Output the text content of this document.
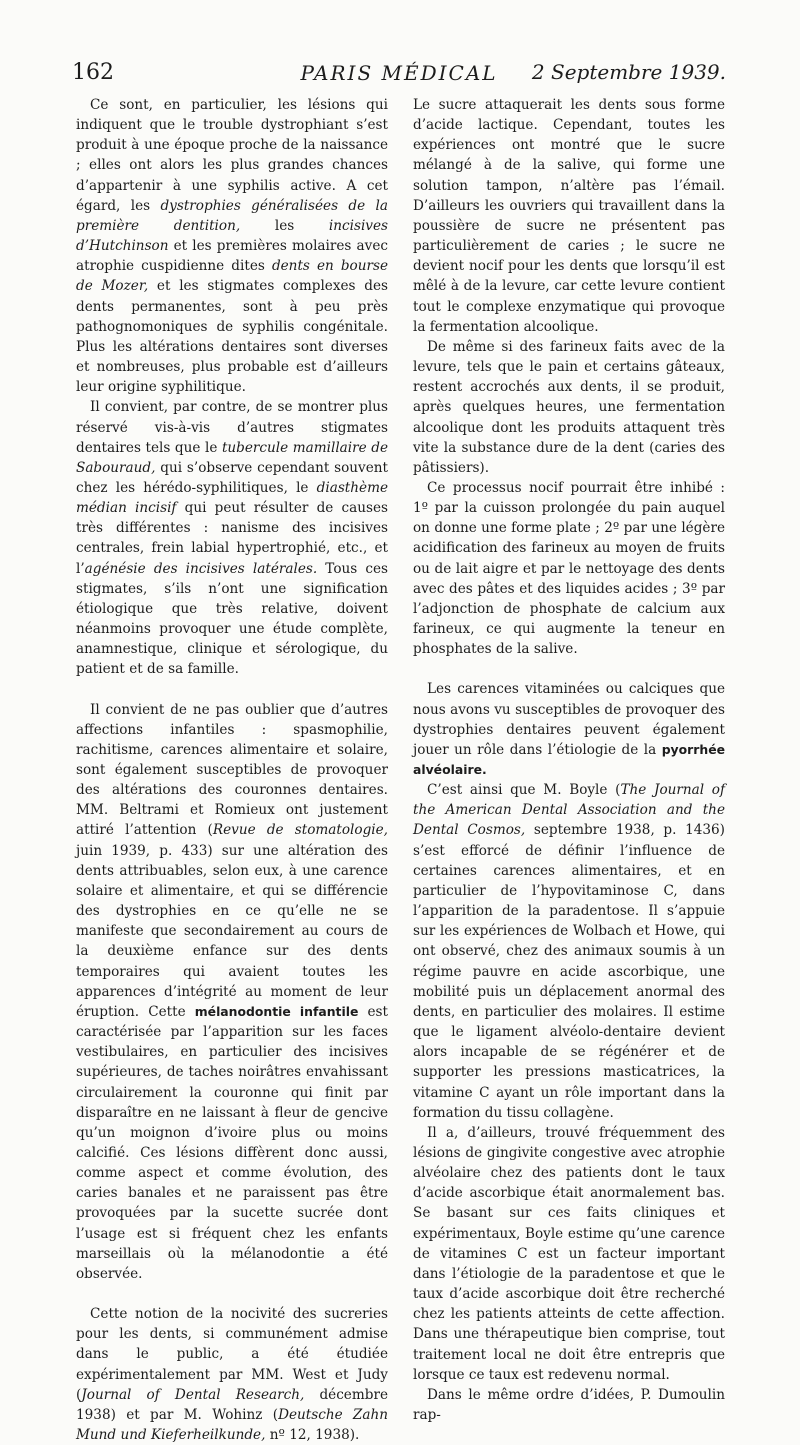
162	PARIS MÉDICAL	2 Septembre 1939.

Ce sont, en particulier, les lésions qui indiquent que le trouble dystrophiant s’est produit à une époque proche de la naissance ; elles ont alors les plus grandes chances d’appartenir à une syphilis active. A cet égard, les dystrophies généralisées de la première dentition, les incisives d’Hutchinson et les premières molaires avec atrophie cuspidienne dites dents en bourse de Mozer, et les stigmates complexes des dents permanentes, sont à peu près pathognomoniques de syphilis congénitale. Plus les altérations dentaires sont diverses et nombreuses, plus probable est d’ailleurs leur origine syphilitique.

Il convient, par contre, de se montrer plus réservé vis-à-vis d’autres stigmates dentaires tels que le tubercule mamillaire de Sabouraud, qui s’observe cependant souvent chez les hérédo-syphilitiques, le diasthème médian incisif qui peut résulter de causes très différentes : nanisme des incisives centrales, frein labial hypertrophié, etc., et l’agénésie des incisives latérales. Tous ces stigmates, s’ils n’ont une signification étiologique que très relative, doivent néanmoins provoquer une étude complète, anamnestique, clinique et sérologique, du patient et de sa famille.

Il convient de ne pas oublier que d’autres affections infantiles : spasmophilie, rachitisme, carences alimentaire et solaire, sont également susceptibles de provoquer des altérations des couronnes dentaires. MM. Beltrami et Romieux ont justement attiré l’attention (Revue de stomatologie, juin 1939, p. 433) sur une altération des dents attribuables, selon eux, à une carence solaire et alimentaire, et qui se différencie des dystrophies en ce qu’elle ne se manifeste que secondairement au cours de la deuxième enfance sur des dents temporaires qui avaient toutes les apparences d’intégrité au moment de leur éruption. Cette mélanodontie infantile est caractérisée par l’apparition sur les faces vestibulaires, en particulier des incisives supérieures, de taches noirâtres envahissant circulairement la couronne qui finit par disparaître en ne laissant à fleur de gencive qu’un moignon d’ivoire plus ou moins calcifié. Ces lésions diffèrent donc aussi, comme aspect et comme évolution, des caries banales et ne paraissent pas être provoquées par la sucette sucrée dont l’usage est si fréquent chez les enfants marseillais où la mélanodontie a été observée.

Cette notion de la nocivité des sucreries pour les dents, si communément admise dans le public, a été étudiée expérimentalement par MM. West et Judy (Journal of Dental Research, décembre 1938) et par M. Wohinz (Deutsche Zahn Mund und Kieferheilkunde, nº 12, 1938).

Le sucre attaquerait les dents sous forme d’acide lactique. Cependant, toutes les expériences ont montré que le sucre mélangé à de la salive, qui forme une solution tampon, n’altère pas l’émail. D’ailleurs les ouvriers qui travaillent dans la poussière de sucre ne présentent pas particulièrement de caries ; le sucre ne devient nocif pour les dents que lorsqu’il est mêlé à de la levure, car cette levure contient tout le complexe enzymatique qui provoque la fermentation alcoolique.

De même si des farineux faits avec de la levure, tels que le pain et certains gâteaux, restent accrochés aux dents, il se produit, après quelques heures, une fermentation alcoolique dont les produits attaquent très vite la substance dure de la dent (caries des pâtissiers).

Ce processus nocif pourrait être inhibé : 1º par la cuisson prolongée du pain auquel on donne une forme plate ; 2º par une légère acidification des farineux au moyen de fruits ou de lait aigre et par le nettoyage des dents avec des pâtes et des liquides acides ; 3º par l’adjonction de phosphate de calcium aux farineux, ce qui augmente la teneur en phosphates de la salive.

Les carences vitaminées ou calciques que nous avons vu susceptibles de provoquer des dystrophies dentaires peuvent également jouer un rôle dans l’étiologie de la pyorrhée alvéolaire.

C’est ainsi que M. Boyle (The Journal of the American Dental Association and the Dental Cosmos, septembre 1938, p. 1436) s’est efforcé de définir l’influence de certaines carences alimentaires, et en particulier de l’hypovitaminose C, dans l’apparition de la paradentose. Il s’appuie sur les expériences de Wolbach et Howe, qui ont observé, chez des animaux soumis à un régime pauvre en acide ascorbique, une mobilité puis un déplacement anormal des dents, en particulier des molaires. Il estime que le ligament alvéolo-dentaire devient alors incapable de se régénérer et de supporter les pressions masticatrices, la vitamine C ayant un rôle important dans la formation du tissu collagène.

Il a, d’ailleurs, trouvé fréquemment des lésions de gingivite congestive avec atrophie alvéolaire chez des patients dont le taux d’acide ascorbique était anormalement bas. Se basant sur ces faits cliniques et expérimentaux, Boyle estime qu’une carence de vitamines C est un facteur important dans l’étiologie de la paradentose et que le taux d’acide ascorbique doit être recherché chez les patients atteints de cette affection. Dans une thérapeutique bien comprise, tout traitement local ne doit être entrepris que lorsque ce taux est redevenu normal.

Dans le même ordre d’idées, P. Dumoulin rap-
